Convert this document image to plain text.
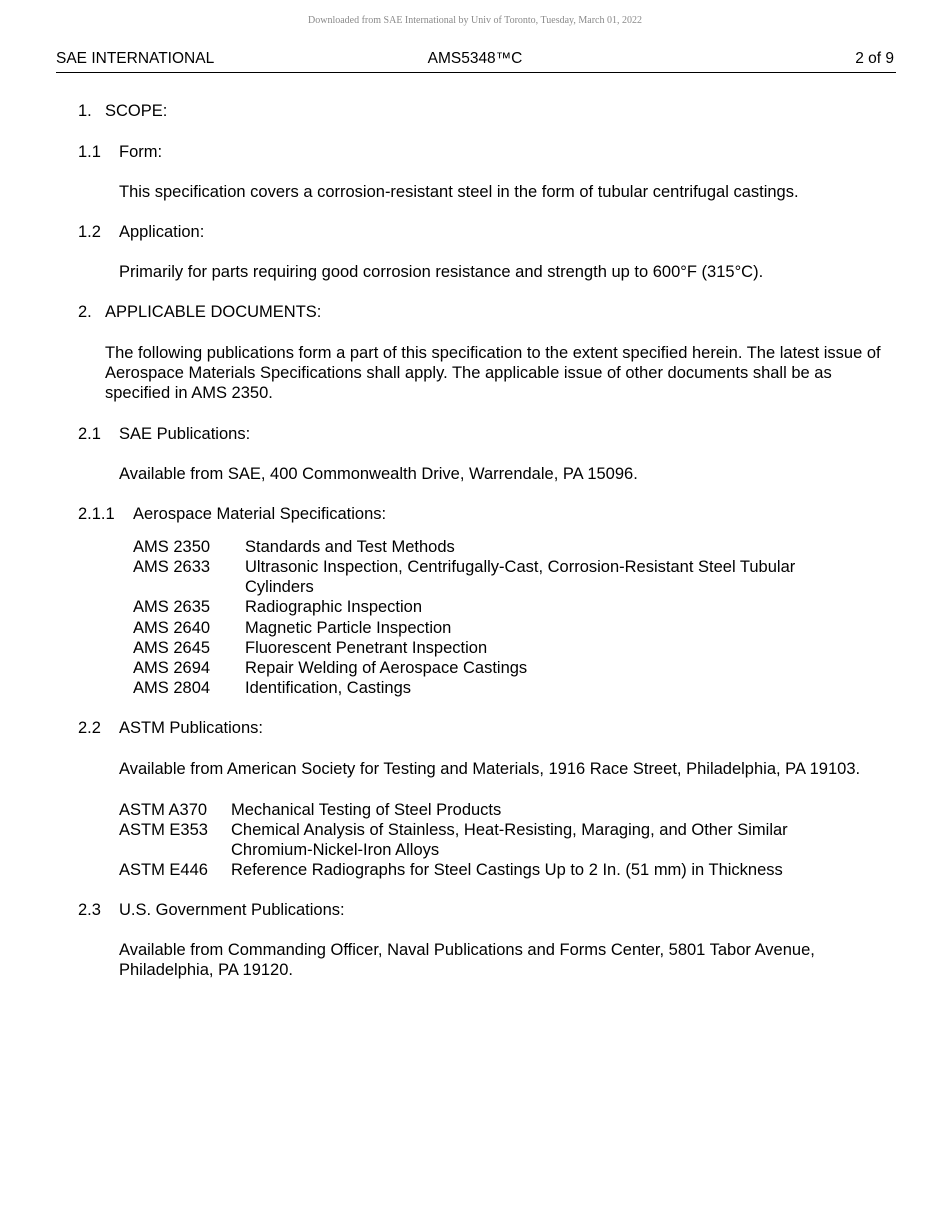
Downloaded from SAE International by Univ of Toronto, Tuesday, March 01, 2022
SAE INTERNATIONAL	AMS5348™C	2 of 9
1. SCOPE:
1.1 Form:
This specification covers a corrosion-resistant steel in the form of tubular centrifugal castings.
1.2 Application:
Primarily for parts requiring good corrosion resistance and strength up to 600°F (315°C).
2. APPLICABLE DOCUMENTS:
The following publications form a part of this specification to the extent specified herein. The latest issue of Aerospace Materials Specifications shall apply. The applicable issue of other documents shall be as specified in AMS 2350.
2.1 SAE Publications:
Available from SAE, 400 Commonwealth Drive, Warrendale, PA 15096.
2.1.1 Aerospace Material Specifications:
AMS 2350 Standards and Test Methods
AMS 2633 Ultrasonic Inspection, Centrifugally-Cast, Corrosion-Resistant Steel Tubular Cylinders
AMS 2635 Radiographic Inspection
AMS 2640 Magnetic Particle Inspection
AMS 2645 Fluorescent Penetrant Inspection
AMS 2694 Repair Welding of Aerospace Castings
AMS 2804 Identification, Castings
2.2 ASTM Publications:
Available from American Society for Testing and Materials, 1916 Race Street, Philadelphia, PA 19103.
ASTM A370 Mechanical Testing of Steel Products
ASTM E353 Chemical Analysis of Stainless, Heat-Resisting, Maraging, and Other Similar Chromium-Nickel-Iron Alloys
ASTM E446 Reference Radiographs for Steel Castings Up to 2 In. (51 mm) in Thickness
2.3 U.S. Government Publications:
Available from Commanding Officer, Naval Publications and Forms Center, 5801 Tabor Avenue, Philadelphia, PA 19120.
